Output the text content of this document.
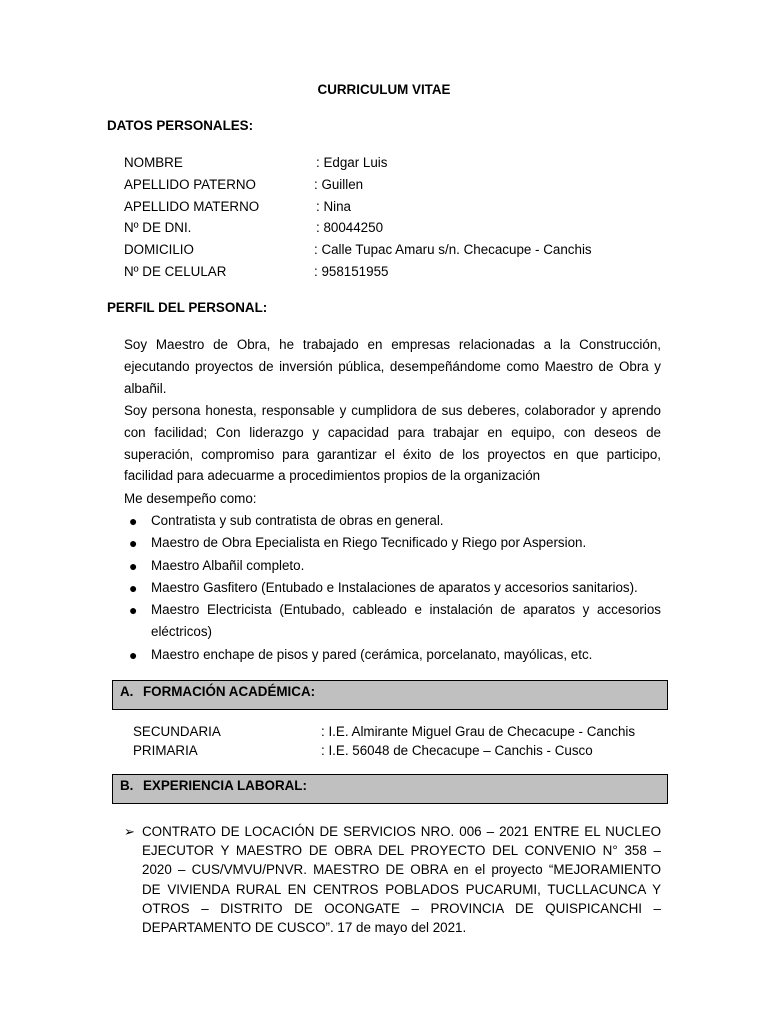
CURRICULUM VITAE
DATOS PERSONALES:
NOMBRE	: Edgar Luis
APELLIDO PATERNO	: Guillen
APELLIDO MATERNO	: Nina
Nº DE DNI.	: 80044250
DOMICILIO	: Calle Tupac Amaru s/n. Checacupe - Canchis
Nº DE CELULAR	: 958151955
PERFIL DEL PERSONAL:
Soy Maestro de Obra, he trabajado en empresas relacionadas a la Construcción, ejecutando proyectos de inversión pública, desempeñándome como Maestro de Obra y albañil.
Soy persona honesta, responsable y cumplidora de sus deberes, colaborador y aprendo con facilidad; Con liderazgo y capacidad para trabajar en equipo, con deseos de superación, compromiso para garantizar el éxito de los proyectos en que participo, facilidad para adecuarme a procedimientos propios de la organización
Me desempeño como:
● Contratista y sub contratista de obras en general.
● Maestro de Obra Epecialista en Riego Tecnificado y Riego por Aspersion.
● Maestro Albañil completo.
● Maestro Gasfitero (Entubado e Instalaciones de aparatos y accesorios sanitarios).
● Maestro Electricista (Entubado, cableado e instalación de aparatos y accesorios eléctricos)
● Maestro enchape de pisos y pared (cerámica, porcelanato, mayólicas, etc.
A. FORMACIÓN ACADÉMICA:
SECUNDARIA	: I.E. Almirante Miguel Grau de Checacupe - Canchis
PRIMARIA	: I.E. 56048 de Checacupe – Canchis - Cusco
B. EXPERIENCIA LABORAL:
➢ CONTRATO DE LOCACIÓN DE SERVICIOS NRO. 006 – 2021 ENTRE EL NUCLEO EJECUTOR Y MAESTRO DE OBRA DEL PROYECTO DEL CONVENIO N° 358 – 2020 – CUS/VMVU/PNVR. MAESTRO DE OBRA en el proyecto “MEJORAMIENTO DE VIVIENDA RURAL EN CENTROS POBLADOS PUCARUMI, TUCLLACUNCA Y OTROS – DISTRITO DE OCONGATE – PROVINCIA DE QUISPICANCHI – DEPARTAMENTO DE CUSCO”. 17 de mayo del 2021.
